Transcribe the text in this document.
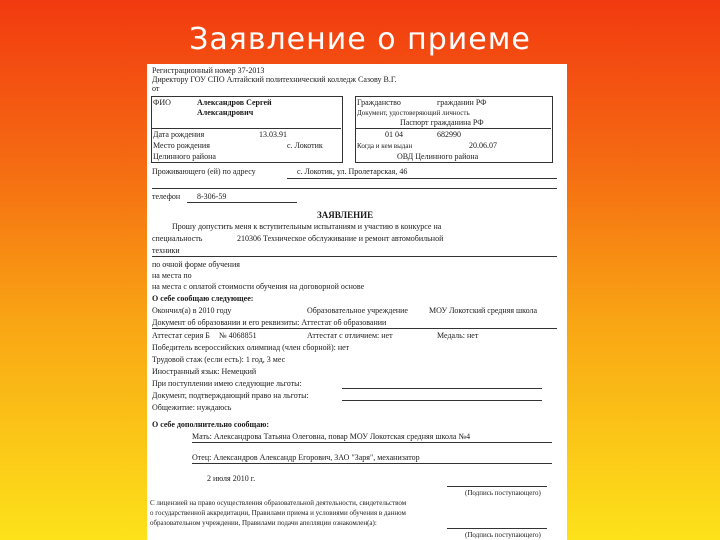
Заявление о приеме
Регистрационный номер 37-2013
Директору ГОУ СПО Алтайский политехнический колледж Сазову В.Г.
от
ФИО	Александров Сергей
Александрович
Дата рождения	13.03.91
Место рождения	с. Локотик
Целинного района
Гражданство	гражданин РФ
Документ, удостоверяющий личность
Паспорт гражданина РФ
01 04	682990
Когда и кем выдан	20.06.07
ОВД Целинного района
Проживающего (ей) по адресу	с. Локотик, ул. Пролетарская, 46
телефон 8-306-59
ЗАЯВЛЕНИЕ
Прошу допустить меня к вступительным испытаниям и участию в конкурсе на
специальность	210306 Техническое обслуживание и ремонт автомобильной
техники
по очной форме обучения
на места по
на места с оплатой стоимости обучения на договорной основе
О себе сообщаю следующее:
Окончил(а) в 2010 году	Образовательное учреждение	МОУ Локотский средняя школа
Документ об образовании и его реквизиты: Аттестат об образовании
Аттестат серия Б № 4068851	Аттестат с отличием: нет	Медаль: нет
Победитель всероссийских олимпиад (член сборной): нет
Трудовой стаж (если есть): 1 год, 3 мес
Иностранный язык: Немецкий
При поступлении имею следующие льготы:
Документ, подтверждающий право на льготы:
Общежитие: нуждаюсь
О себе дополнительно сообщаю:
Мать: Александрова Татьяна Олеговна, повар МОУ Локотская средняя школа №4
Отец: Александров Александр Егорович, ЗАО "Заря", механизатор
2 июля 2010 г.
(Подпись поступающего)
С лицензией на право осуществления образовательной деятельности, свидетельством
о государственной аккредитации, Правилами приема и условиями обучения в данном
образовательном учреждении, Правилами подачи апелляции ознакомлен(а):
(Подпись поступающего)
